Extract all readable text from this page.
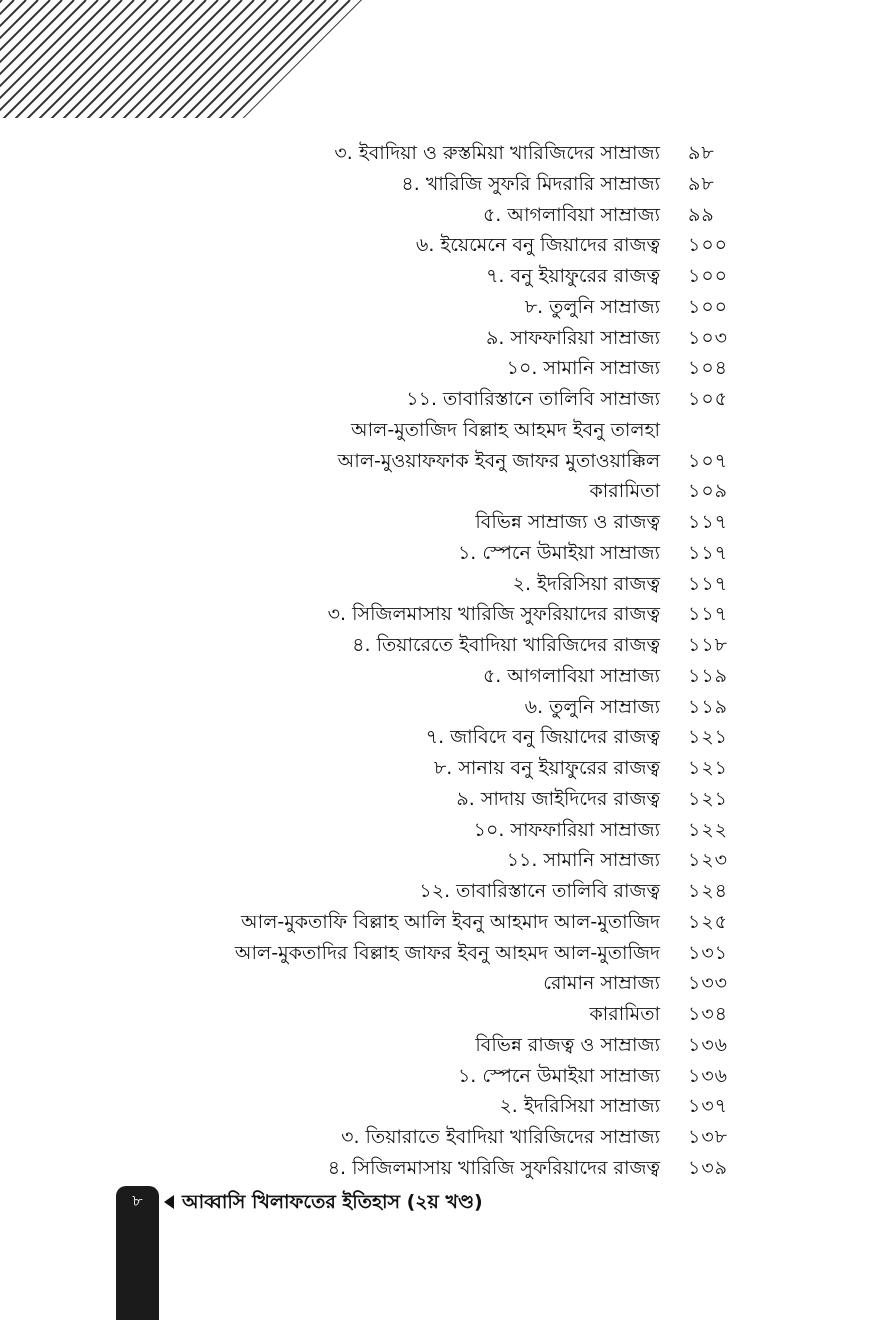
৩. ইবাদিয়া ও রুস্তমিয়া খারিজিদের সাম্রাজ্য ৯৮
৪. খারিজি সুফরি মিদরারি সাম্রাজ্য ৯৮
৫. আগলাবিয়া সাম্রাজ্য ৯৯
৬. ইয়েমেনে বনু জিয়াদের রাজত্ব ১০০
৭. বনু ইয়াফুরের রাজত্ব ১০০
৮. তুলুনি সাম্রাজ্য ১০০
৯. সাফফারিয়া সাম্রাজ্য ১০৩
১০. সামানি সাম্রাজ্য ১০৪
১১. তাবারিস্তানে তালিবি সাম্রাজ্য ১০৫
আল-মুতাজিদ বিল্লাহ আহমদ ইবনু তালহা
আল-মুওয়াফফাক ইবনু জাফর মুতাওয়াক্কিল ১০৭
কারামিতা ১০৯
বিভিন্ন সাম্রাজ্য ও রাজত্ব ১১৭
১. স্পেনে উমাইয়া সাম্রাজ্য ১১৭
২. ইদরিসিয়া রাজত্ব ১১৭
৩. সিজিলমাসায় খারিজি সুফরিয়াদের রাজত্ব ১১৭
৪. তিয়ারেতে ইবাদিয়া খারিজিদের রাজত্ব ১১৮
৫. আগলাবিয়া সাম্রাজ্য ১১৯
৬. তুলুনি সাম্রাজ্য ১১৯
৭. জাবিদে বনু জিয়াদের রাজত্ব ১২১
৮. সানায় বনু ইয়াফুরের রাজত্ব ১২১
৯. সাদায় জাইদিদের রাজত্ব ১২১
১০. সাফফারিয়া সাম্রাজ্য ১২২
১১. সামানি সাম্রাজ্য ১২৩
১২. তাবারিস্তানে তালিবি রাজত্ব ১২৪
আল-মুকতাফি বিল্লাহ আলি ইবনু আহমাদ আল-মুতাজিদ ১২৫
আল-মুকতাদির বিল্লাহ জাফর ইবনু আহমদ আল-মুতাজিদ ১৩১
রোমান সাম্রাজ্য ১৩৩
কারামিতা ১৩৪
বিভিন্ন রাজত্ব ও সাম্রাজ্য ১৩৬
১. স্পেনে উমাইয়া সাম্রাজ্য ১৩৬
২. ইদরিসিয়া সাম্রাজ্য ১৩৭
৩. তিয়ারাতে ইবাদিয়া খারিজিদের সাম্রাজ্য ১৩৮
৪. সিজিলমাসায় খারিজি সুফরিয়াদের রাজত্ব ১৩৯
৮	আব্বাসি খিলাফতের ইতিহাস (২য় খণ্ড)
